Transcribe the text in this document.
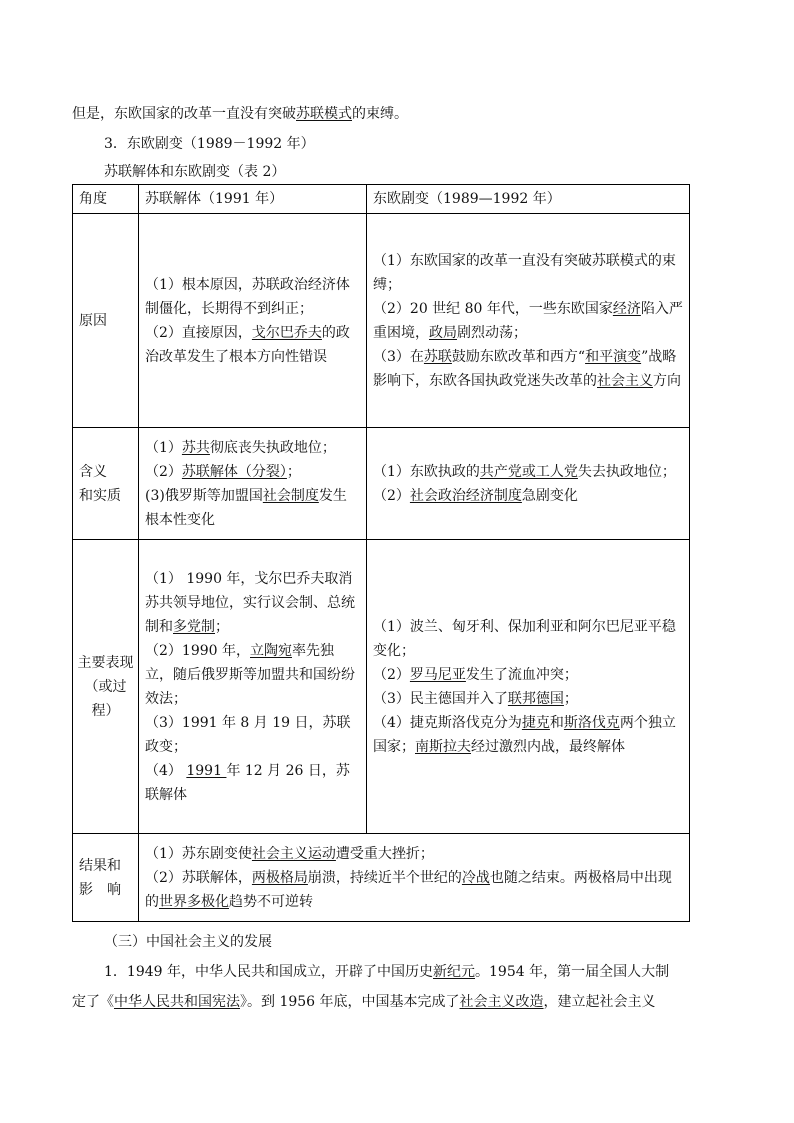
但是，东欧国家的改革一直没有突破苏联模式的束缚。
3．东欧剧变（1989－1992 年）
苏联解体和东欧剧变（表 2）
角度	苏联解体（1991 年）	东欧剧变（1989—1992 年）

原因	（1）根本原因，苏联政治经济体制僵化，长期得不到纠正；
（2）直接原因，戈尔巴乔夫的政治改革发生了根本方向性错误	（1）东欧国家的改革一直没有突破苏联模式的束缚；
（2）20 世纪 80 年代，一些东欧国家经济陷入严重困境，政局剧烈动荡；
（3）在苏联鼓励东欧改革和西方“和平演变”战略影响下，东欧各国执政党迷失改革的社会主义方向

含义
和实质	（1）苏共彻底丧失执政地位；
（2）苏联解体（分裂）；
(3)俄罗斯等加盟国社会制度发生根本性变化	（1）东欧执政的共产党或工人党失去执政地位；
（2）社会政治经济制度急剧变化

主要表现
（或过程）	（1） 1990 年，戈尔巴乔夫取消苏共领导地位，实行议会制、总统制和多党制；
（2）1990 年，立陶宛率先独立，随后俄罗斯等加盟共和国纷纷效法；
（3）1991 年 8 月 19 日，苏联政变；
（4） 1991 年 12 月 26 日，苏联解体	（1）波兰、匈牙利、保加利亚和阿尔巴尼亚平稳变化；
（2）罗马尼亚发生了流血冲突；
（3）民主德国并入了联邦德国；
（4）捷克斯洛伐克分为捷克和斯洛伐克两个独立国家；南斯拉夫经过激烈内战，最终解体

结果和
影　响	（1）苏东剧变使社会主义运动遭受重大挫折；
（2）苏联解体，两极格局崩溃，持续近半个世纪的冷战也随之结束。两极格局中出现的世界多极化趋势不可逆转	
（三）中国社会主义的发展
1．1949 年，中华人民共和国成立，开辟了中国历史新纪元。1954 年，第一届全国人大制
定了《中华人民共和国宪法》。到 1956 年底，中国基本完成了社会主义改造，建立起社会主义
